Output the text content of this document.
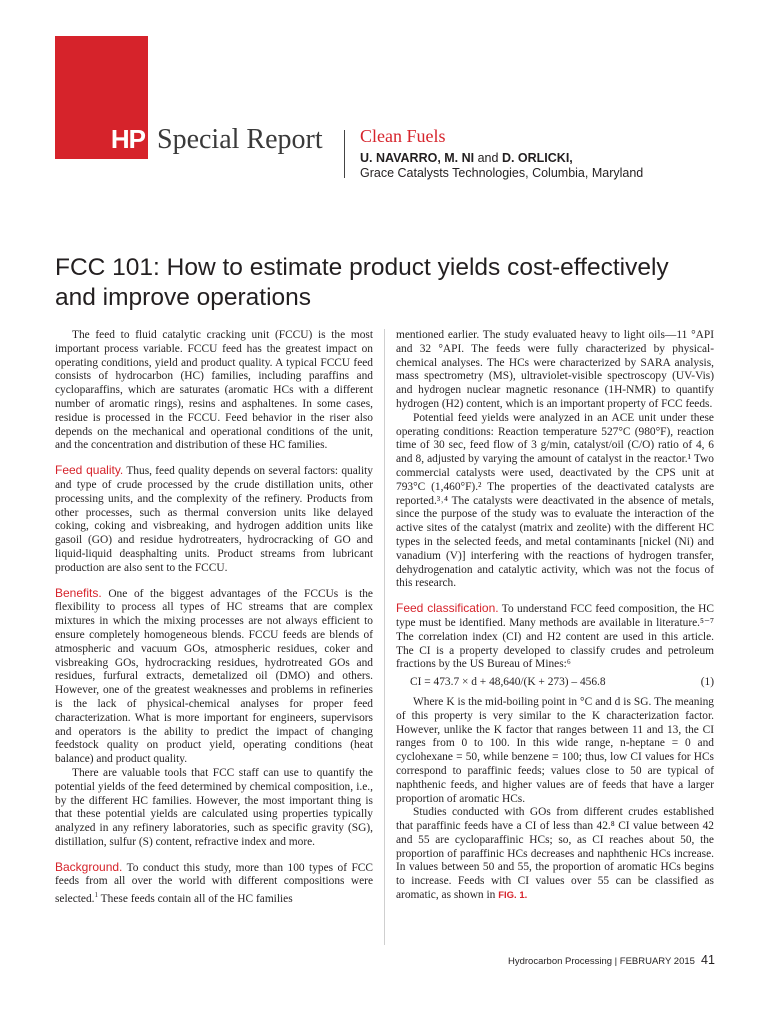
HP Special Report Clean Fuels
U. NAVARRO, M. NI and D. ORLICKI,
Grace Catalysts Technologies, Columbia, Maryland
FCC 101: How to estimate product yields cost-effectively and improve operations

The feed to fluid catalytic cracking unit (FCCU) is the most important process variable. FCCU feed has the greatest impact on operating conditions, yield and product quality. A typical FCCU feed consists of hydrocarbon (HC) families, including paraffins and cycloparaffins, which are saturates (aromatic HCs with a different number of aromatic rings), resins and asphaltenes. In some cases, residue is processed in the FCCU. Feed behavior in the riser also depends on the mechanical and operational conditions of the unit, and the concentration and distribution of these HC families.

Feed quality. Thus, feed quality depends on several factors: quality and type of crude processed by the crude distillation units, other processing units, and the complexity of the refinery. Products from other processes, such as thermal conversion units like delayed coking, coking and visbreaking, and hydrogen addition units like gasoil (GO) and residue hydrotreaters, hydrocracking of GO and liquid-liquid deasphalting units. Product streams from lubricant production are also sent to the FCCU.

Benefits. One of the biggest advantages of the FCCUs is the flexibility to process all types of HC streams that are complex mixtures in which the mixing processes are not always efficient to ensure completely homogeneous blends. FCCU feeds are blends of atmospheric and vacuum GOs, atmospheric residues, coker and visbreaking GOs, hydrocracking residues, hydrotreated GOs and residues, furfural extracts, demetalized oil (DMO) and others. However, one of the greatest weaknesses and problems in refineries is the lack of physical-chemical analyses for proper feed characterization. What is more important for engineers, supervisors and operators is the ability to predict the impact of changing feedstock quality on product yield, operating conditions (heat balance) and product quality.

There are valuable tools that FCC staff can use to quantify the potential yields of the feed determined by chemical composition, i.e., by the different HC families. However, the most important thing is that these potential yields are calculated using properties typically analyzed in any refinery laboratories, such as specific gravity (SG), distillation, sulfur (S) content, refractive index and more.

Background. To conduct this study, more than 100 types of FCC feeds from all over the world with different compositions were selected.$^1$ These feeds contain all of the HC families

mentioned earlier. The study evaluated heavy to light oils—11 °API and 32 °API. The feeds were fully characterized by physical-chemical analyses. The HCs were characterized by SARA analysis, mass spectrometry (MS), ultraviolet-visible spectroscopy (UV-Vis) and hydrogen nuclear magnetic resonance (1H-NMR) to quantify hydrogen (H2) content, which is an important property of FCC feeds.

Potential feed yields were analyzed in an ACE unit under these operating conditions: Reaction temperature 527°C (980°F), reaction time of 30 sec, feed flow of 3 g/min, catalyst/oil (C/O) ratio of 4, 6 and 8, adjusted by varying the amount of catalyst in the reactor.¹ Two commercial catalysts were used, deactivated by the CPS unit at 793°C (1,460°F).² The properties of the deactivated catalysts are reported.³˒⁴ The catalysts were deactivated in the absence of metals, since the purpose of the study was to evaluate the interaction of the active sites of the catalyst (matrix and zeolite) with the different HC types in the selected feeds, and metal contaminants [nickel (Ni) and vanadium (V)] interfering with the reactions of hydrogen transfer, dehydrogenation and catalytic activity, which was not the focus of this research.

Feed classification. To understand FCC feed composition, the HC type must be identified. Many methods are available in literature.⁵⁻⁷ The correlation index (CI) and H2 content are used in this article. The CI is a property developed to classify crudes and petroleum fractions by the US Bureau of Mines:⁶

CI = 473.7 × d + 48,640/(K + 273) – 456.8	(1)

Where K is the mid-boiling point in °C and d is SG. The meaning of this property is very similar to the K characterization factor. However, unlike the K factor that ranges between 11 and 13, the CI ranges from 0 to 100. In this wide range, n-heptane = 0 and cyclohexane = 50, while benzene = 100; thus, low CI values for HCs correspond to paraffinic feeds; values close to 50 are typical of naphthenic feeds, and higher values are of feeds that have a larger proportion of aromatic HCs.

Studies conducted with GOs from different crudes established that paraffinic feeds have a CI of less than 42.⁸ CI value between 42 and 55 are cycloparaffinic HCs; so, as CI reaches about 50, the proportion of paraffinic HCs decreases and naphthenic HCs increase. In values between 50 and 55, the proportion of aromatic HCs begins to increase. Feeds with CI values over 55 can be classified as aromatic, as shown in FIG. 1.

Hydrocarbon Processing | FEBRUARY 2015 41
